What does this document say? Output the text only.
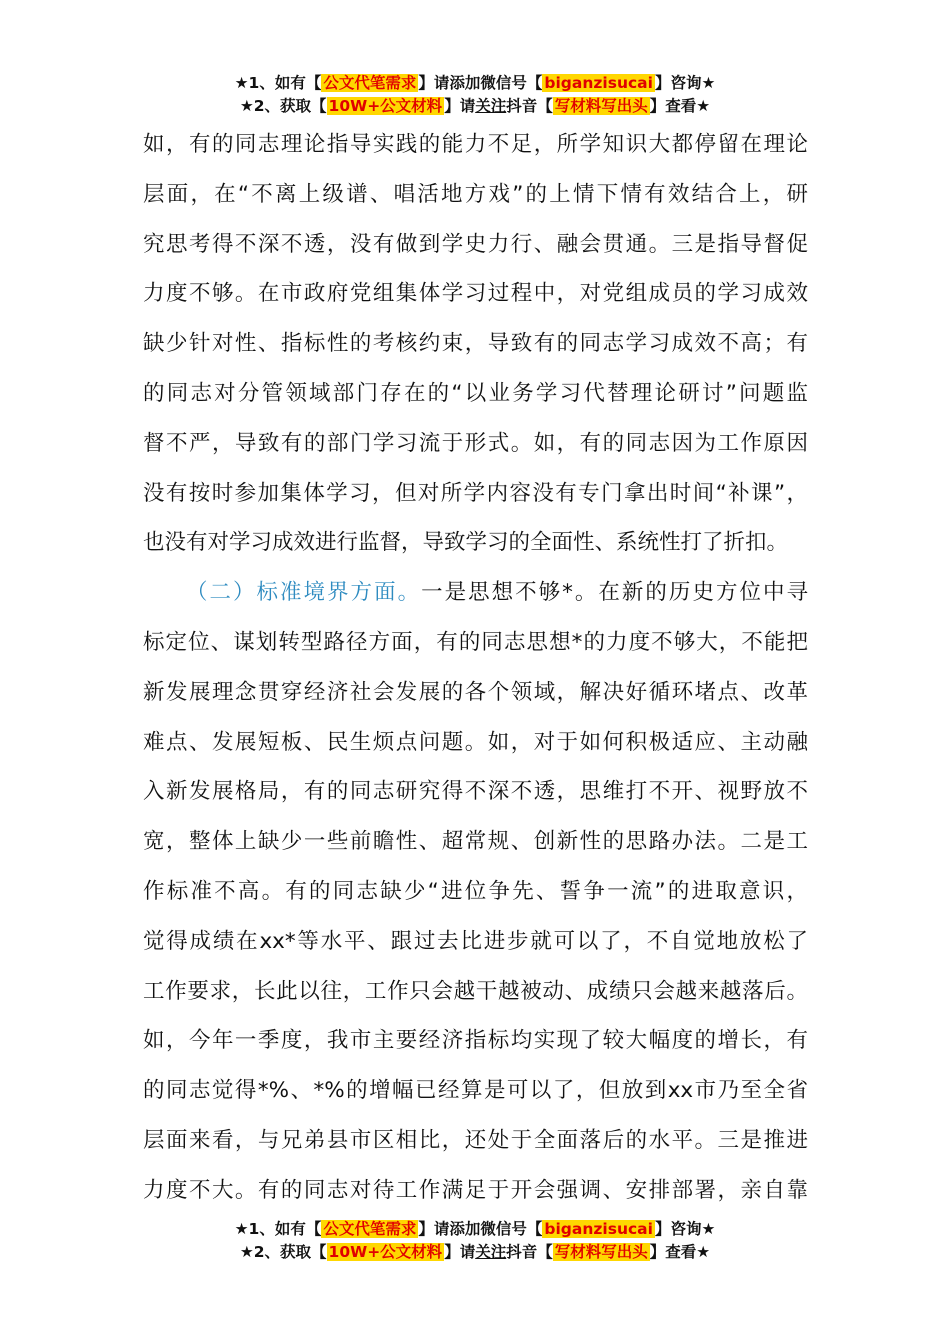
★1、如有【 公文代笔需求 】请添加微信号【 biganzisucai 】咨询★
★2、获取【 10W+公文材料 】请关注抖音【 写材料写出头 】查看★
如，有的同志理论指导实践的能力不足，所学知识大都停留在理论
层面，在“不离上级谱、唱活地方戏”的上情下情有效结合上，研
究思考得不深不透，没有做到学史力行、融会贯通。三是指导督促
力度不够。在市政府党组集体学习过程中，对党组成员的学习成效
缺少针对性、指标性的考核约束，导致有的同志学习成效不高；有
的同志对分管领域部门存在的“以业务学习代替理论研讨”问题监
督不严，导致有的部门学习流于形式。如，有的同志因为工作原因
没有按时参加集体学习，但对所学内容没有专门拿出时间“补课”，
也没有对学习成效进行监督，导致学习的全面性、系统性打了折扣。
（二）标准境界方面。一是思想不够*。在新的历史方位中寻
标定位、谋划转型路径方面，有的同志思想*的力度不够大，不能把
新发展理念贯穿经济社会发展的各个领域，解决好循环堵点、改革
难点、发展短板、民生烦点问题。如，对于如何积极适应、主动融
入新发展格局，有的同志研究得不深不透，思维打不开、视野放不
宽，整体上缺少一些前瞻性、超常规、创新性的思路办法。二是工
作标准不高。有的同志缺少“进位争先、誓争一流”的进取意识，
觉得成绩在xx*等水平、跟过去比进步就可以了，不自觉地放松了
工作要求，长此以往，工作只会越干越被动、成绩只会越来越落后。
如，今年一季度，我市主要经济指标均实现了较大幅度的增长，有
的同志觉得*%、*%的增幅已经算是可以了，但放到xx市乃至全省
层面来看，与兄弟县市区相比，还处于全面落后的水平。三是推进
力度不大。有的同志对待工作满足于开会强调、安排部署，亲自靠
★1、如有【 公文代笔需求 】请添加微信号【 biganzisucai 】咨询★
★2、获取【 10W+公文材料 】请关注抖音【 写材料写出头 】查看★
